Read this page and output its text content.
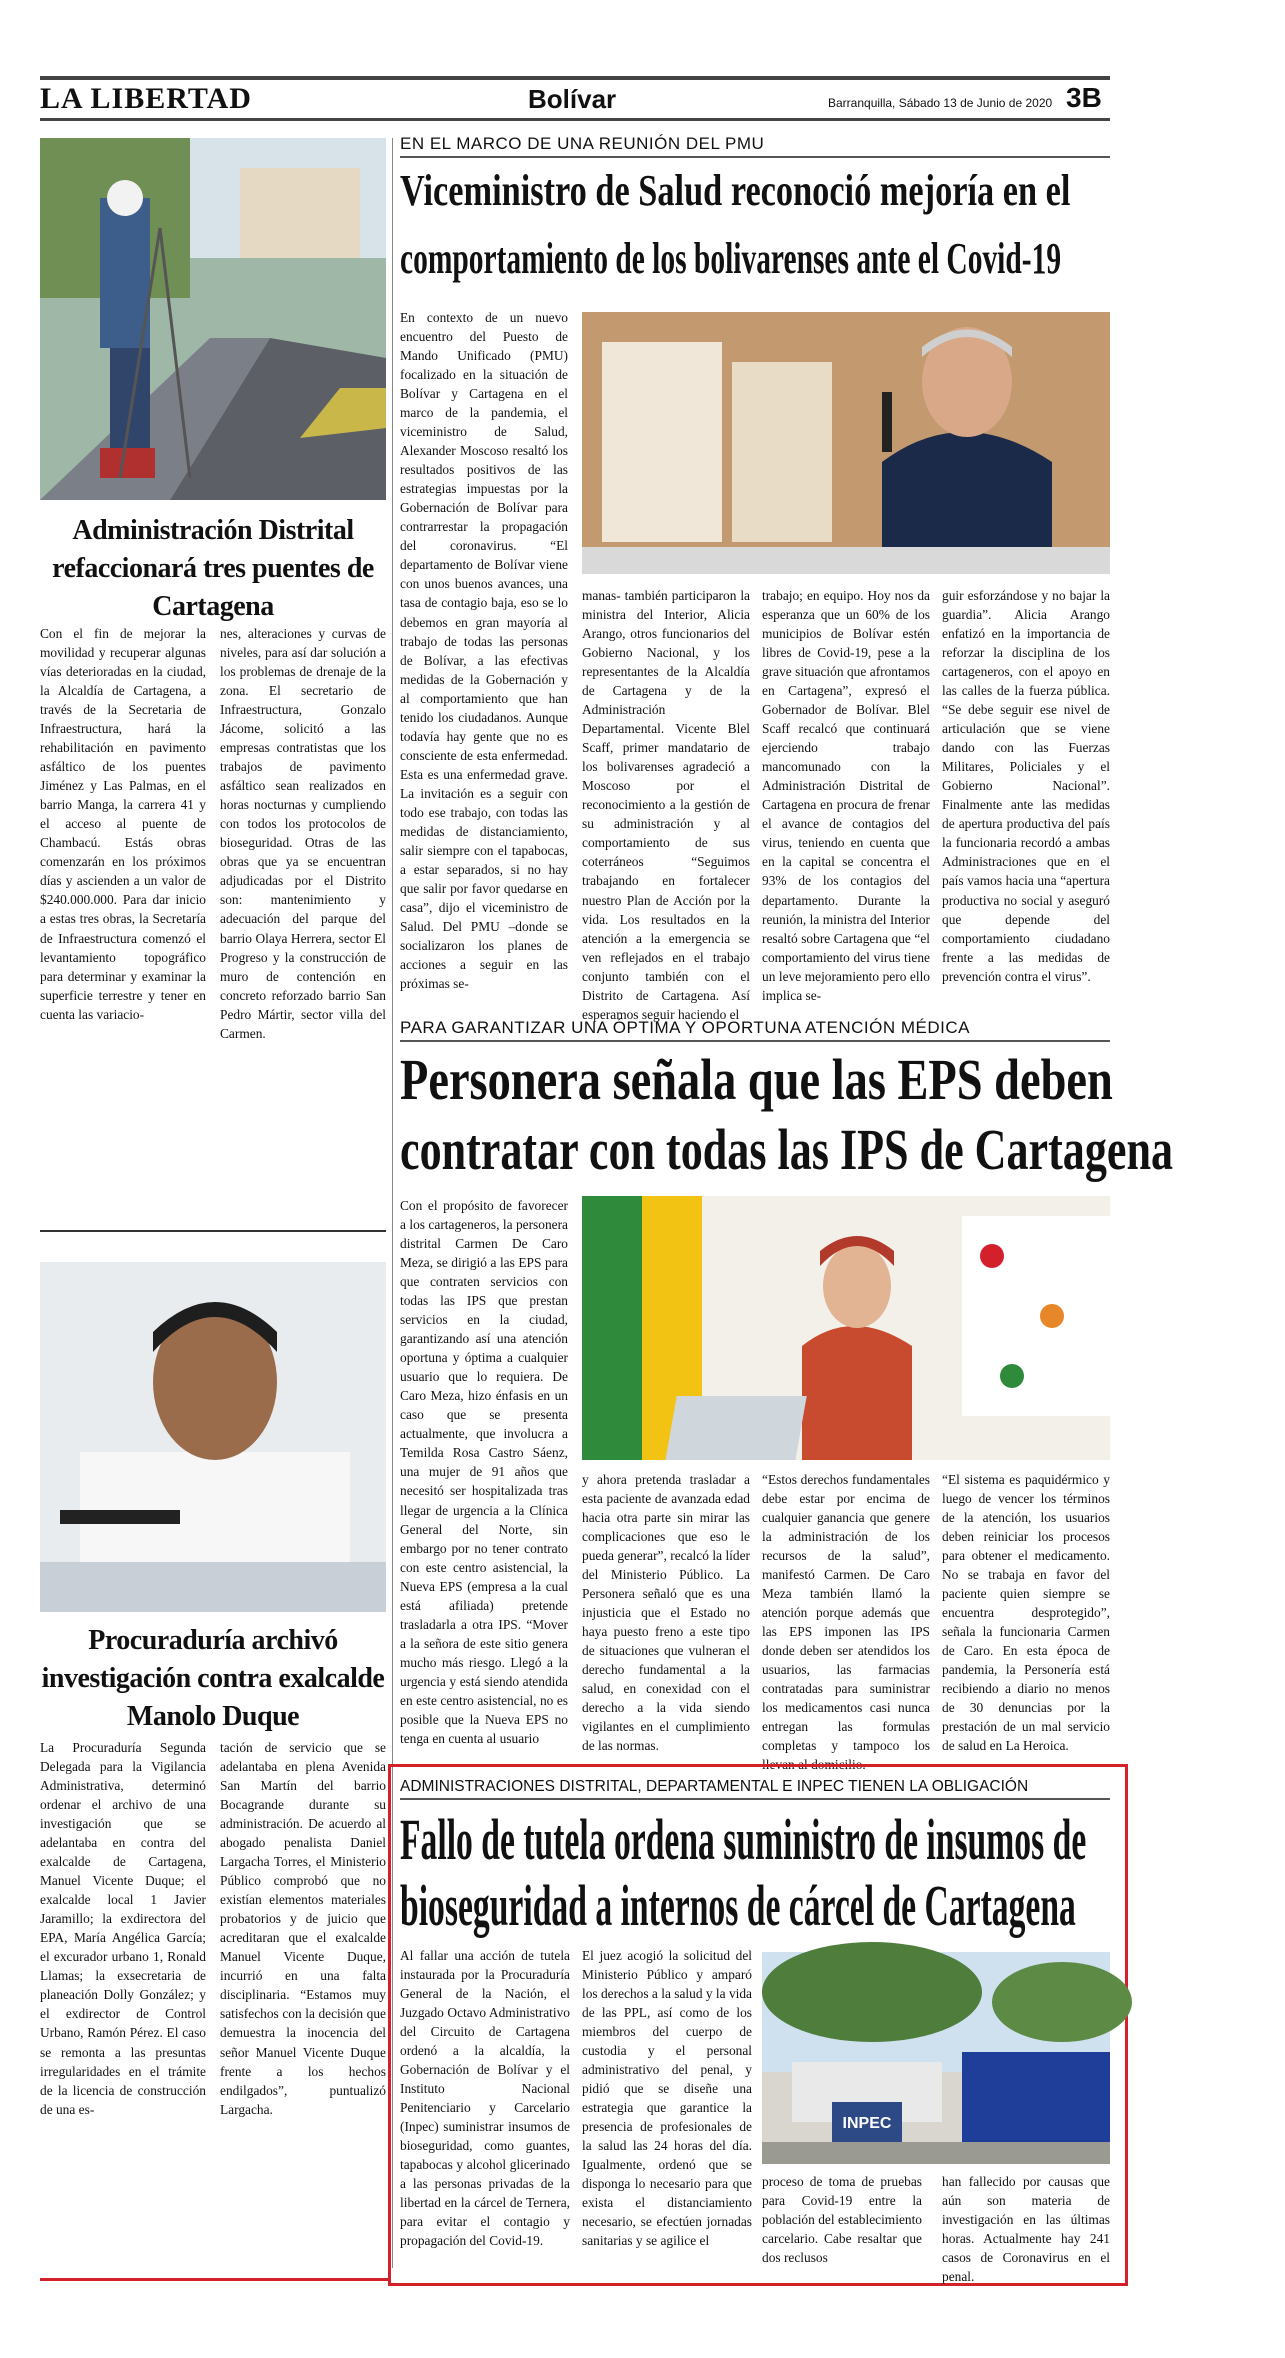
LA LIBERTAD	Bolívar	Barranquilla, Sábado 13 de Junio de 2020 3B
Administración Distrital refaccionará tres puentes de Cartagena
Con el fin de mejorar la movilidad y recuperar algunas vías deterioradas en la ciudad, la Alcaldía de Cartagena, a través de la Secretaria de Infraestructura, hará la rehabilitación en pavimento asfáltico de los puentes Jiménez y Las Palmas, en el barrio Manga, la carrera 41 y el acceso al puente de Chambacú. Estás obras comenzarán en los próximos días y ascienden a un valor de $240.000.000. Para dar inicio a estas tres obras, la Secretaría de Infraestructura comenzó el levantamiento topográfico para determinar y examinar la superficie terrestre y tener en cuenta las variacio-
nes, alteraciones y curvas de niveles, para así dar solución a los problemas de drenaje de la zona. El secretario de Infraestructura, Gonzalo Jácome, solicitó a las empresas contratistas que los trabajos de pavimento asfáltico sean realizados en horas nocturnas y cumpliendo con todos los protocolos de bioseguridad. Otras de las obras que ya se encuentran adjudicadas por el Distrito son: mantenimiento y adecuación del parque del barrio Olaya Herrera, sector El Progreso y la construcción de muro de contención en concreto reforzado barrio San Pedro Mártir, sector villa del Carmen.
Procuraduría archivó investigación contra exalcalde Manolo Duque
La Procuraduría Segunda Delegada para la Vigilancia Administrativa, determinó ordenar el archivo de una investigación que se adelantaba en contra del exalcalde de Cartagena, Manuel Vicente Duque; el exalcalde local 1 Javier Jaramillo; la exdirectora del EPA, María Angélica García; el excurador urbano 1, Ronald Llamas; la exsecretaria de planeación Dolly González; y el exdirector de Control Urbano, Ramón Pérez. El caso se remonta a las presuntas irregularidades en el trámite de la licencia de construcción de una es-
tación de servicio que se adelantaba en plena Avenida San Martín del barrio Bocagrande durante su administración. De acuerdo al abogado penalista Daniel Largacha Torres, el Ministerio Público comprobó que no existían elementos materiales probatorios y de juicio que acreditaran que el exalcalde Manuel Vicente Duque, incurrió en una falta disciplinaria. “Estamos muy satisfechos con la decisión que demuestra la inocencia del señor Manuel Vicente Duque frente a los hechos endilgados”, puntualizó Largacha.
EN EL MARCO DE UNA REUNIÓN DEL PMU
Viceministro de Salud reconoció mejoría en el
comportamiento de los bolivarenses ante el Covid-19
En contexto de un nuevo encuentro del Puesto de Mando Unificado (PMU) focalizado en la situación de Bolívar y Cartagena en el marco de la pandemia, el viceministro de Salud, Alexander Moscoso resaltó los resultados positivos de las estrategias impuestas por la Gobernación de Bolívar para contrarrestar la propagación del coronavirus. “El departamento de Bolívar viene con unos buenos avances, una tasa de contagio baja, eso se lo debemos en gran mayoría al trabajo de todas las personas de Bolívar, a las efectivas medidas de la Gobernación y al comportamiento que han tenido los ciudadanos. Aunque todavía hay gente que no es consciente de esta enfermedad. Esta es una enfermedad grave. La invitación es a seguir con todo ese trabajo, con todas las medidas de distanciamiento, salir siempre con el tapabocas, a estar separados, si no hay que salir por favor quedarse en casa”, dijo el viceministro de Salud. Del PMU –donde se socializaron los planes de acciones a seguir en las próximas se-
manas- también participaron la ministra del Interior, Alicia Arango, otros funcionarios del Gobierno Nacional, y los representantes de la Alcaldía de Cartagena y de la Administración Departamental. Vicente Blel Scaff, primer mandatario de los bolivarenses agradeció a Moscoso por el reconocimiento a la gestión de su administración y al comportamiento de sus coterráneos “Seguimos trabajando en fortalecer nuestro Plan de Acción por la vida. Los resultados en la atención a la emergencia se ven reflejados en el trabajo conjunto también con el Distrito de Cartagena. Así esperamos seguir haciendo el
trabajo; en equipo. Hoy nos da esperanza que un 60% de los municipios de Bolívar estén libres de Covid-19, pese a la grave situación que afrontamos en Cartagena”, expresó el Gobernador de Bolívar. Blel Scaff recalcó que continuará ejerciendo trabajo mancomunado con la Administración Distrital de Cartagena en procura de frenar el avance de contagios del virus, teniendo en cuenta que en la capital se concentra el 93% de los contagios del departamento. Durante la reunión, la ministra del Interior resaltó sobre Cartagena que “el comportamiento del virus tiene un leve mejoramiento pero ello implica se-
guir esforzándose y no bajar la guardia”. Alicia Arango enfatizó en la importancia de reforzar la disciplina de los cartageneros, con el apoyo en las calles de la fuerza pública. “Se debe seguir ese nivel de articulación que se viene dando con las Fuerzas Militares, Policiales y el Gobierno Nacional”. Finalmente ante las medidas de apertura productiva del país la funcionaria recordó a ambas Administraciones que en el país vamos hacia una “apertura productiva no social y aseguró que depende del comportamiento ciudadano frente a las medidas de prevención contra el virus”.
PARA GARANTIZAR UNA ÓPTIMA Y OPORTUNA ATENCIÓN MÉDICA
Personera señala que las EPS deben
contratar con todas las IPS de Cartagena
Con el propósito de favorecer a los cartageneros, la personera distrital Carmen De Caro Meza, se dirigió a las EPS para que contraten servicios con todas las IPS que prestan servicios en la ciudad, garantizando así una atención oportuna y óptima a cualquier usuario que lo requiera. De Caro Meza, hizo énfasis en un caso que se presenta actualmente, que involucra a Temilda Rosa Castro Sáenz, una mujer de 91 años que necesitó ser hospitalizada tras llegar de urgencia a la Clínica General del Norte, sin embargo por no tener contrato con este centro asistencial, la Nueva EPS (empresa a la cual está afiliada) pretende trasladarla a otra IPS. “Mover a la señora de este sitio genera mucho más riesgo. Llegó a la urgencia y está siendo atendida en este centro asistencial, no es posible que la Nueva EPS no tenga en cuenta al usuario
y ahora pretenda trasladar a esta paciente de avanzada edad hacia otra parte sin mirar las complicaciones que eso le pueda generar”, recalcó la líder del Ministerio Público. La Personera señaló que es una injusticia que el Estado no haya puesto freno a este tipo de situaciones que vulneran el derecho fundamental a la salud, en conexidad con el derecho a la vida siendo vigilantes en el cumplimiento de las normas.
“Estos derechos fundamentales debe estar por encima de cualquier ganancia que genere la administración de los recursos de la salud”, manifestó Carmen. De Caro Meza también llamó la atención porque además que las EPS imponen las IPS donde deben ser atendidos los usuarios, las farmacias contratadas para suministrar los medicamentos casi nunca entregan las formulas completas y tampoco los llevan al domicilio.
“El sistema es paquidérmico y luego de vencer los términos de la atención, los usuarios deben reiniciar los procesos para obtener el medicamento. No se trabaja en favor del paciente quien siempre se encuentra desprotegido”, señala la funcionaria Carmen de Caro. En esta época de pandemia, la Personería está recibiendo a diario no menos de 30 denuncias por la prestación de un mal servicio de salud en La Heroica.
ADMINISTRACIONES DISTRITAL, DEPARTAMENTAL E INPEC TIENEN LA OBLIGACIÓN
Fallo de tutela ordena suministro de insumos de
bioseguridad a internos de cárcel de Cartagena
Al fallar una acción de tutela instaurada por la Procuraduría General de la Nación, el Juzgado Octavo Administrativo del Circuito de Cartagena ordenó a la alcaldía, la Gobernación de Bolívar y el Instituto Nacional Penitenciario y Carcelario (Inpec) suministrar insumos de bioseguridad, como guantes, tapabocas y alcohol glicerinado a las personas privadas de la libertad en la cárcel de Ternera, para evitar el contagio y propagación del Covid-19.
El juez acogió la solicitud del Ministerio Público y amparó los derechos a la salud y la vida de las PPL, así como de los miembros del cuerpo de custodia y el personal administrativo del penal, y pidió que se diseñe una estrategia que garantice la presencia de profesionales de la salud las 24 horas del día. Igualmente, ordenó que se disponga lo necesario para que exista el distanciamiento necesario, se efectúen jornadas sanitarias y se agilice el
INPEC
proceso de toma de pruebas para Covid-19 entre la población del establecimiento carcelario. Cabe resaltar que dos reclusos
han fallecido por causas que aún son materia de investigación en las últimas horas. Actualmente hay 241 casos de Coronavirus en el penal.
